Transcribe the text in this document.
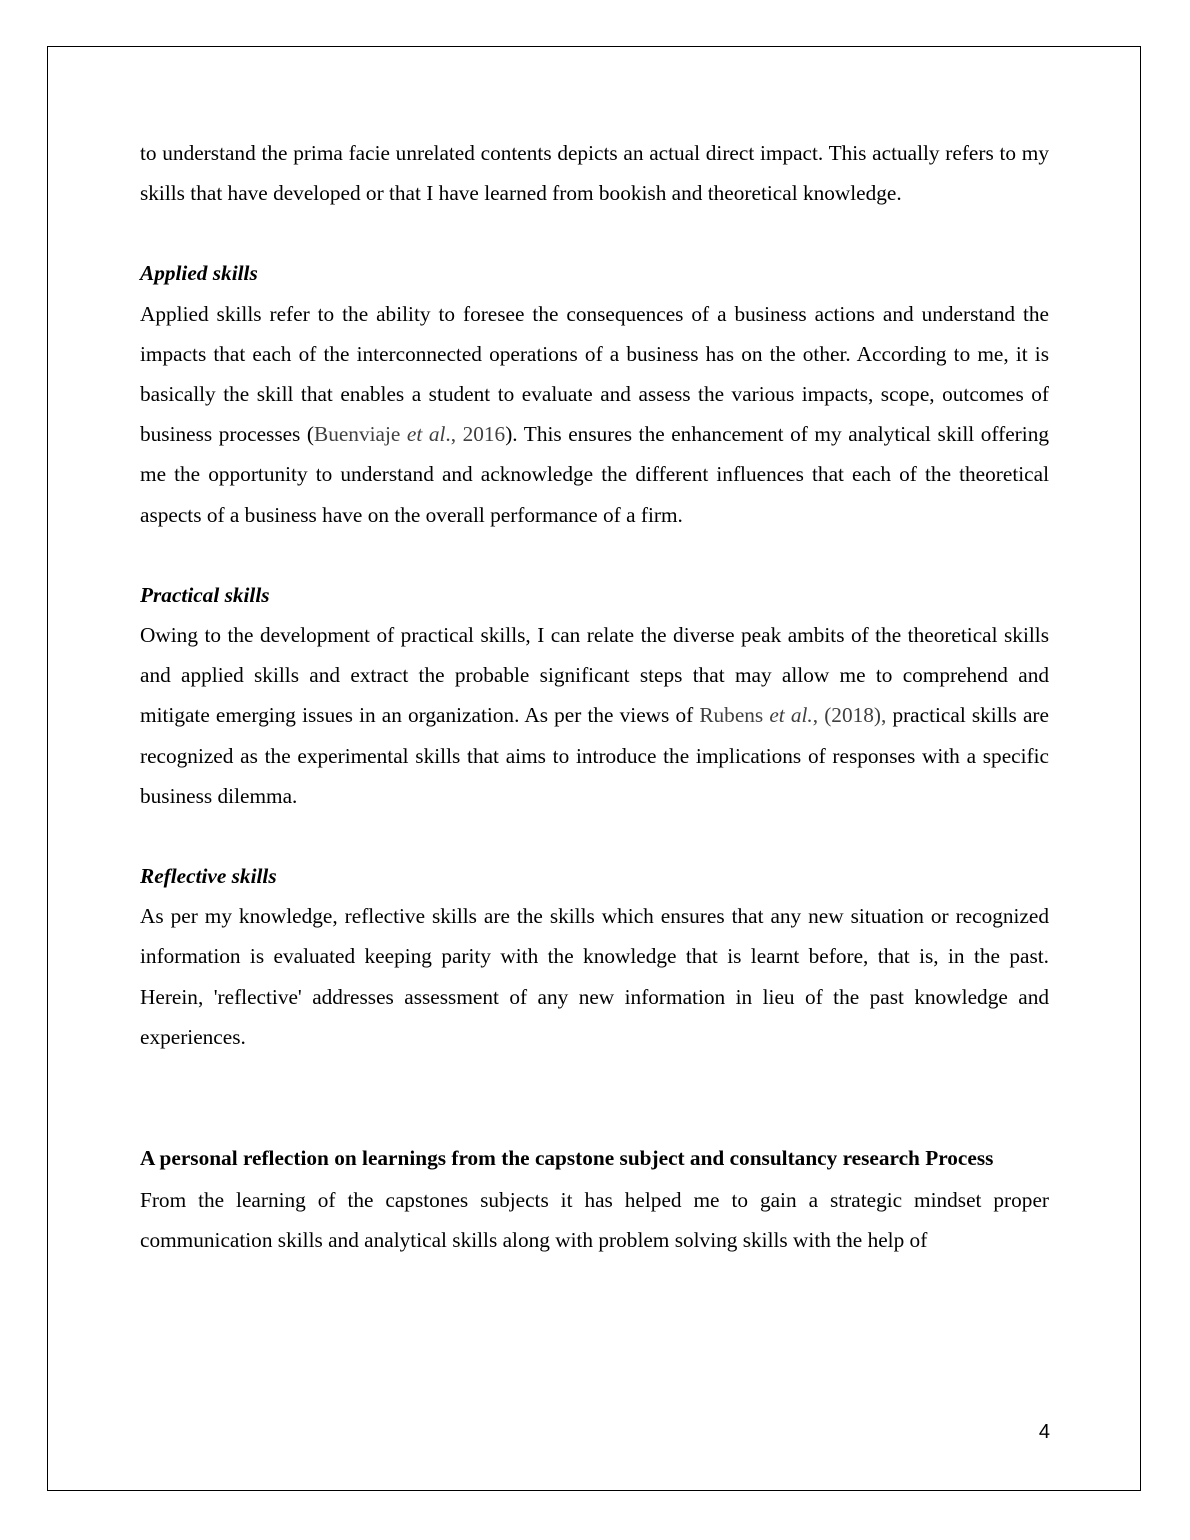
to understand the prima facie unrelated contents depicts an actual direct impact. This actually refers to my skills that have developed or that I have learned from bookish and theoretical knowledge.

Applied skills

Applied skills refer to the ability to foresee the consequences of a business actions and understand the impacts that each of the interconnected operations of a business has on the other. According to me, it is basically the skill that enables a student to evaluate and assess the various impacts, scope, outcomes of business processes (Buenviaje et al., 2016). This ensures the enhancement of my analytical skill offering me the opportunity to understand and acknowledge the different influences that each of the theoretical aspects of a business have on the overall performance of a firm.

Practical skills

Owing to the development of practical skills, I can relate the diverse peak ambits of the theoretical skills and applied skills and extract the probable significant steps that may allow me to comprehend and mitigate emerging issues in an organization. As per the views of Rubens et al., (2018), practical skills are recognized as the experimental skills that aims to introduce the implications of responses with a specific business dilemma.

Reflective skills

As per my knowledge, reflective skills are the skills which ensures that any new situation or recognized information is evaluated keeping parity with the knowledge that is learnt before, that is, in the past. Herein, 'reflective' addresses assessment of any new information in lieu of the past knowledge and experiences.

A personal reflection on learnings from the capstone subject and consultancy research Process

From the learning of the capstones subjects it has helped me to gain a strategic mindset proper communication skills and analytical skills along with problem solving skills with the help of

4
